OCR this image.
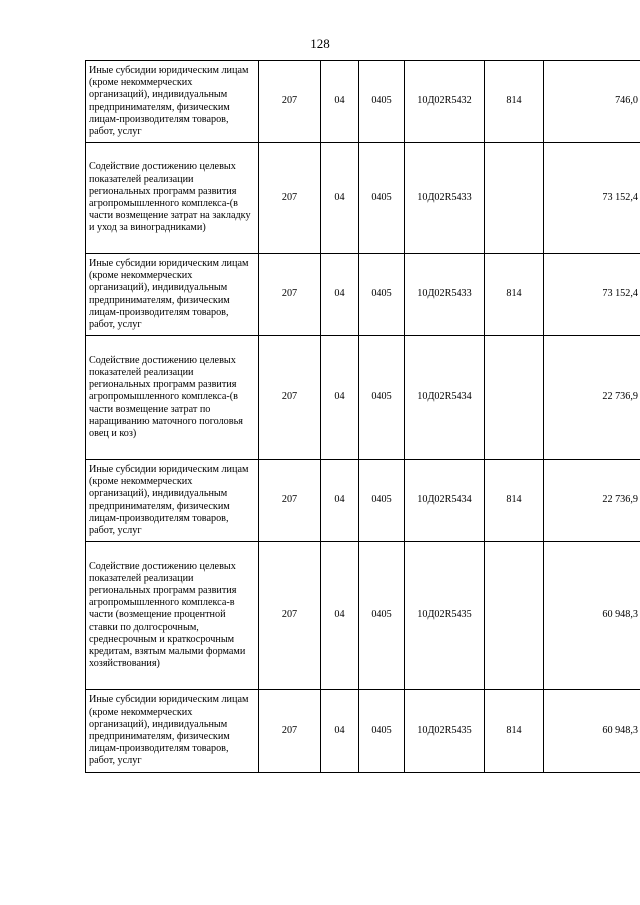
128
Иные субсидии юридическим лицам (кроме некоммерческих организаций), индивидуальным предпринимателям, физическим лицам-производителям товаров, работ, услуг	207	04	0405	10Д02R5432	814	746,0
Содействие достижению целевых показателей реализации региональных программ развития агропромышленного комплекса-(в части возмещение затрат на закладку и уход за виноградниками)	207	04	0405	10Д02R5433		73 152,4
Иные субсидии юридическим лицам (кроме некоммерческих организаций), индивидуальным предпринимателям, физическим лицам-производителям товаров, работ, услуг	207	04	0405	10Д02R5433	814	73 152,4
Содействие достижению целевых показателей реализации региональных программ развития агропромышленного комплекса-(в части возмещение затрат по наращиванию маточного поголовья овец и коз)	207	04	0405	10Д02R5434		22 736,9
Иные субсидии юридическим лицам (кроме некоммерческих организаций), индивидуальным предпринимателям, физическим лицам-производителям товаров, работ, услуг	207	04	0405	10Д02R5434	814	22 736,9
Содействие достижению целевых показателей реализации региональных программ развития агропромышленного комплекса-в части (возмещение процентной ставки по долгосрочным, среднесрочным и краткосрочным кредитам, взятым малыми формами хозяйствования)	207	04	0405	10Д02R5435		60 948,3
Иные субсидии юридическим лицам (кроме некоммерческих организаций), индивидуальным предпринимателям, физическим лицам-производителям товаров, работ, услуг	207	04	0405	10Д02R5435	814	60 948,3
